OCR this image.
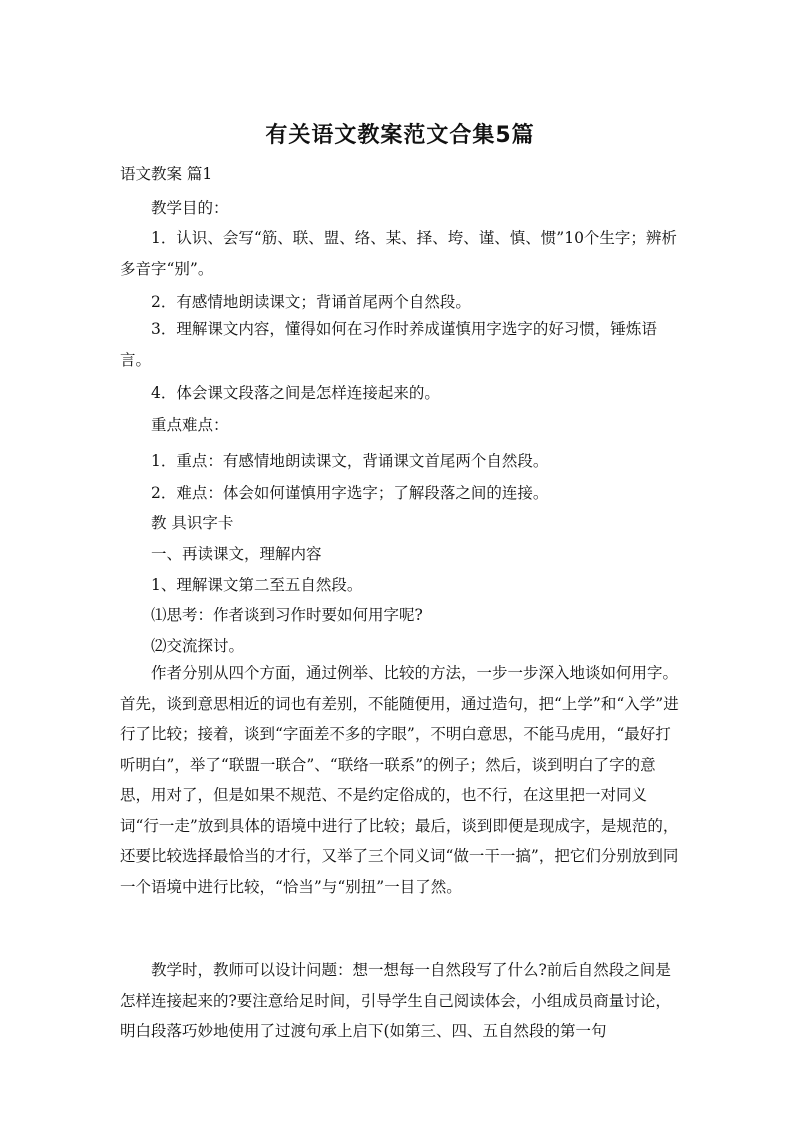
有关语文教案范文合集5篇
语文教案 篇1
教学目的：
1．认识、会写“筋、联、盟、络、某、择、垮、谨、慎、惯”10个生字；辨析多音字“别”。
2．有感情地朗读课文；背诵首尾两个自然段。
3．理解课文内容，懂得如何在习作时养成谨慎用字选字的好习惯，锤炼语言。
4．体会课文段落之间是怎样连接起来的。
重点难点：
1．重点：有感情地朗读课文，背诵课文首尾两个自然段。
2．难点：体会如何谨慎用字选字；了解段落之间的连接。
教 具识字卡
一、再读课文，理解内容
1、理解课文第二至五自然段。
⑴思考：作者谈到习作时要如何用字呢?
⑵交流探讨。
作者分别从四个方面，通过例举、比较的方法，一步一步深入地谈如何用字。首先，谈到意思相近的词也有差别，不能随便用，通过造句，把“上学”和“入学”进行了比较；接着，谈到“字面差不多的字眼”，不明白意思，不能马虎用，“最好打听明白”，举了“联盟一联合”、“联络一联系”的例子；然后，谈到明白了字的意思，用对了，但是如果不规范、不是约定俗成的，也不行，在这里把一对同义词“行一走”放到具体的语境中进行了比较；最后，谈到即便是现成字，是规范的，还要比较选择最恰当的才行，又举了三个同义词“做一干一搞”，把它们分别放到同一个语境中进行比较，“恰当”与“别扭”一目了然。
教学时，教师可以设计问题：想一想每一自然段写了什么?前后自然段之间是怎样连接起来的?要注意给足时间，引导学生自己阅读体会，小组成员商量讨论，明白段落巧妙地使用了过渡句承上启下(如第三、四、五自然段的第一句
